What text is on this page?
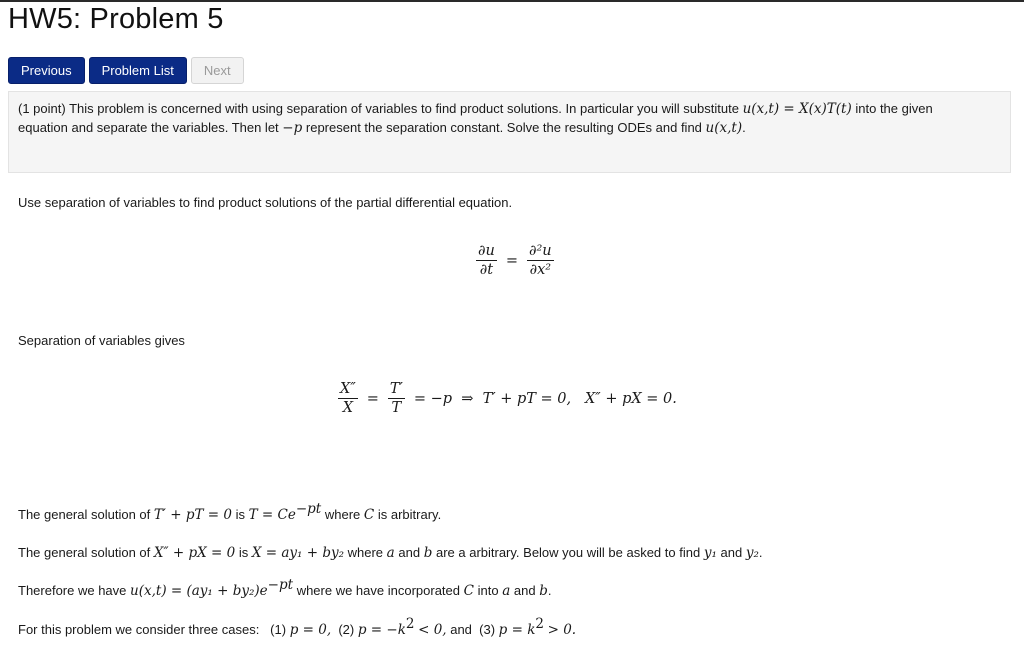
HW5: Problem 5
Previous	Problem List	Next

(1 point) This problem is concerned with using separation of variables to find product solutions. In particular you will substitute u(x,t) = X(x)T(t) into the given

equation and separate the variables. Then let −p represent the separation constant. Solve the resulting ODEs and find u(x,t).

Use separation of variables to find product solutions of the partial differential equation.

$\frac{\partial u}{\partial t} = \frac{\text{∂²u}}{\text{∂x²}}$

Separation of variables gives

$\frac{X''}{X} = \frac{T'}{T} = -p$  ⇒  T′ + pT = 0,   X″ + pX = 0.

The general solution of T′ + pT = 0 is $T = Ce^{-pt}$ where C is arbitrary.

The general solution of X″ + pX = 0 is X = ay₁ + by₂ where a and b are a arbitrary. Below you will be asked to find y₁ and y₂.

Therefore we have $u(x,t) = (ay_1 + by_2)e^{-pt}$ where we have incorporated C into a and b.

For this problem we consider three cases:   (1) p = 0, (2) $p = -k^2 < 0$, and  (3) $p = k^2 > 0$.
